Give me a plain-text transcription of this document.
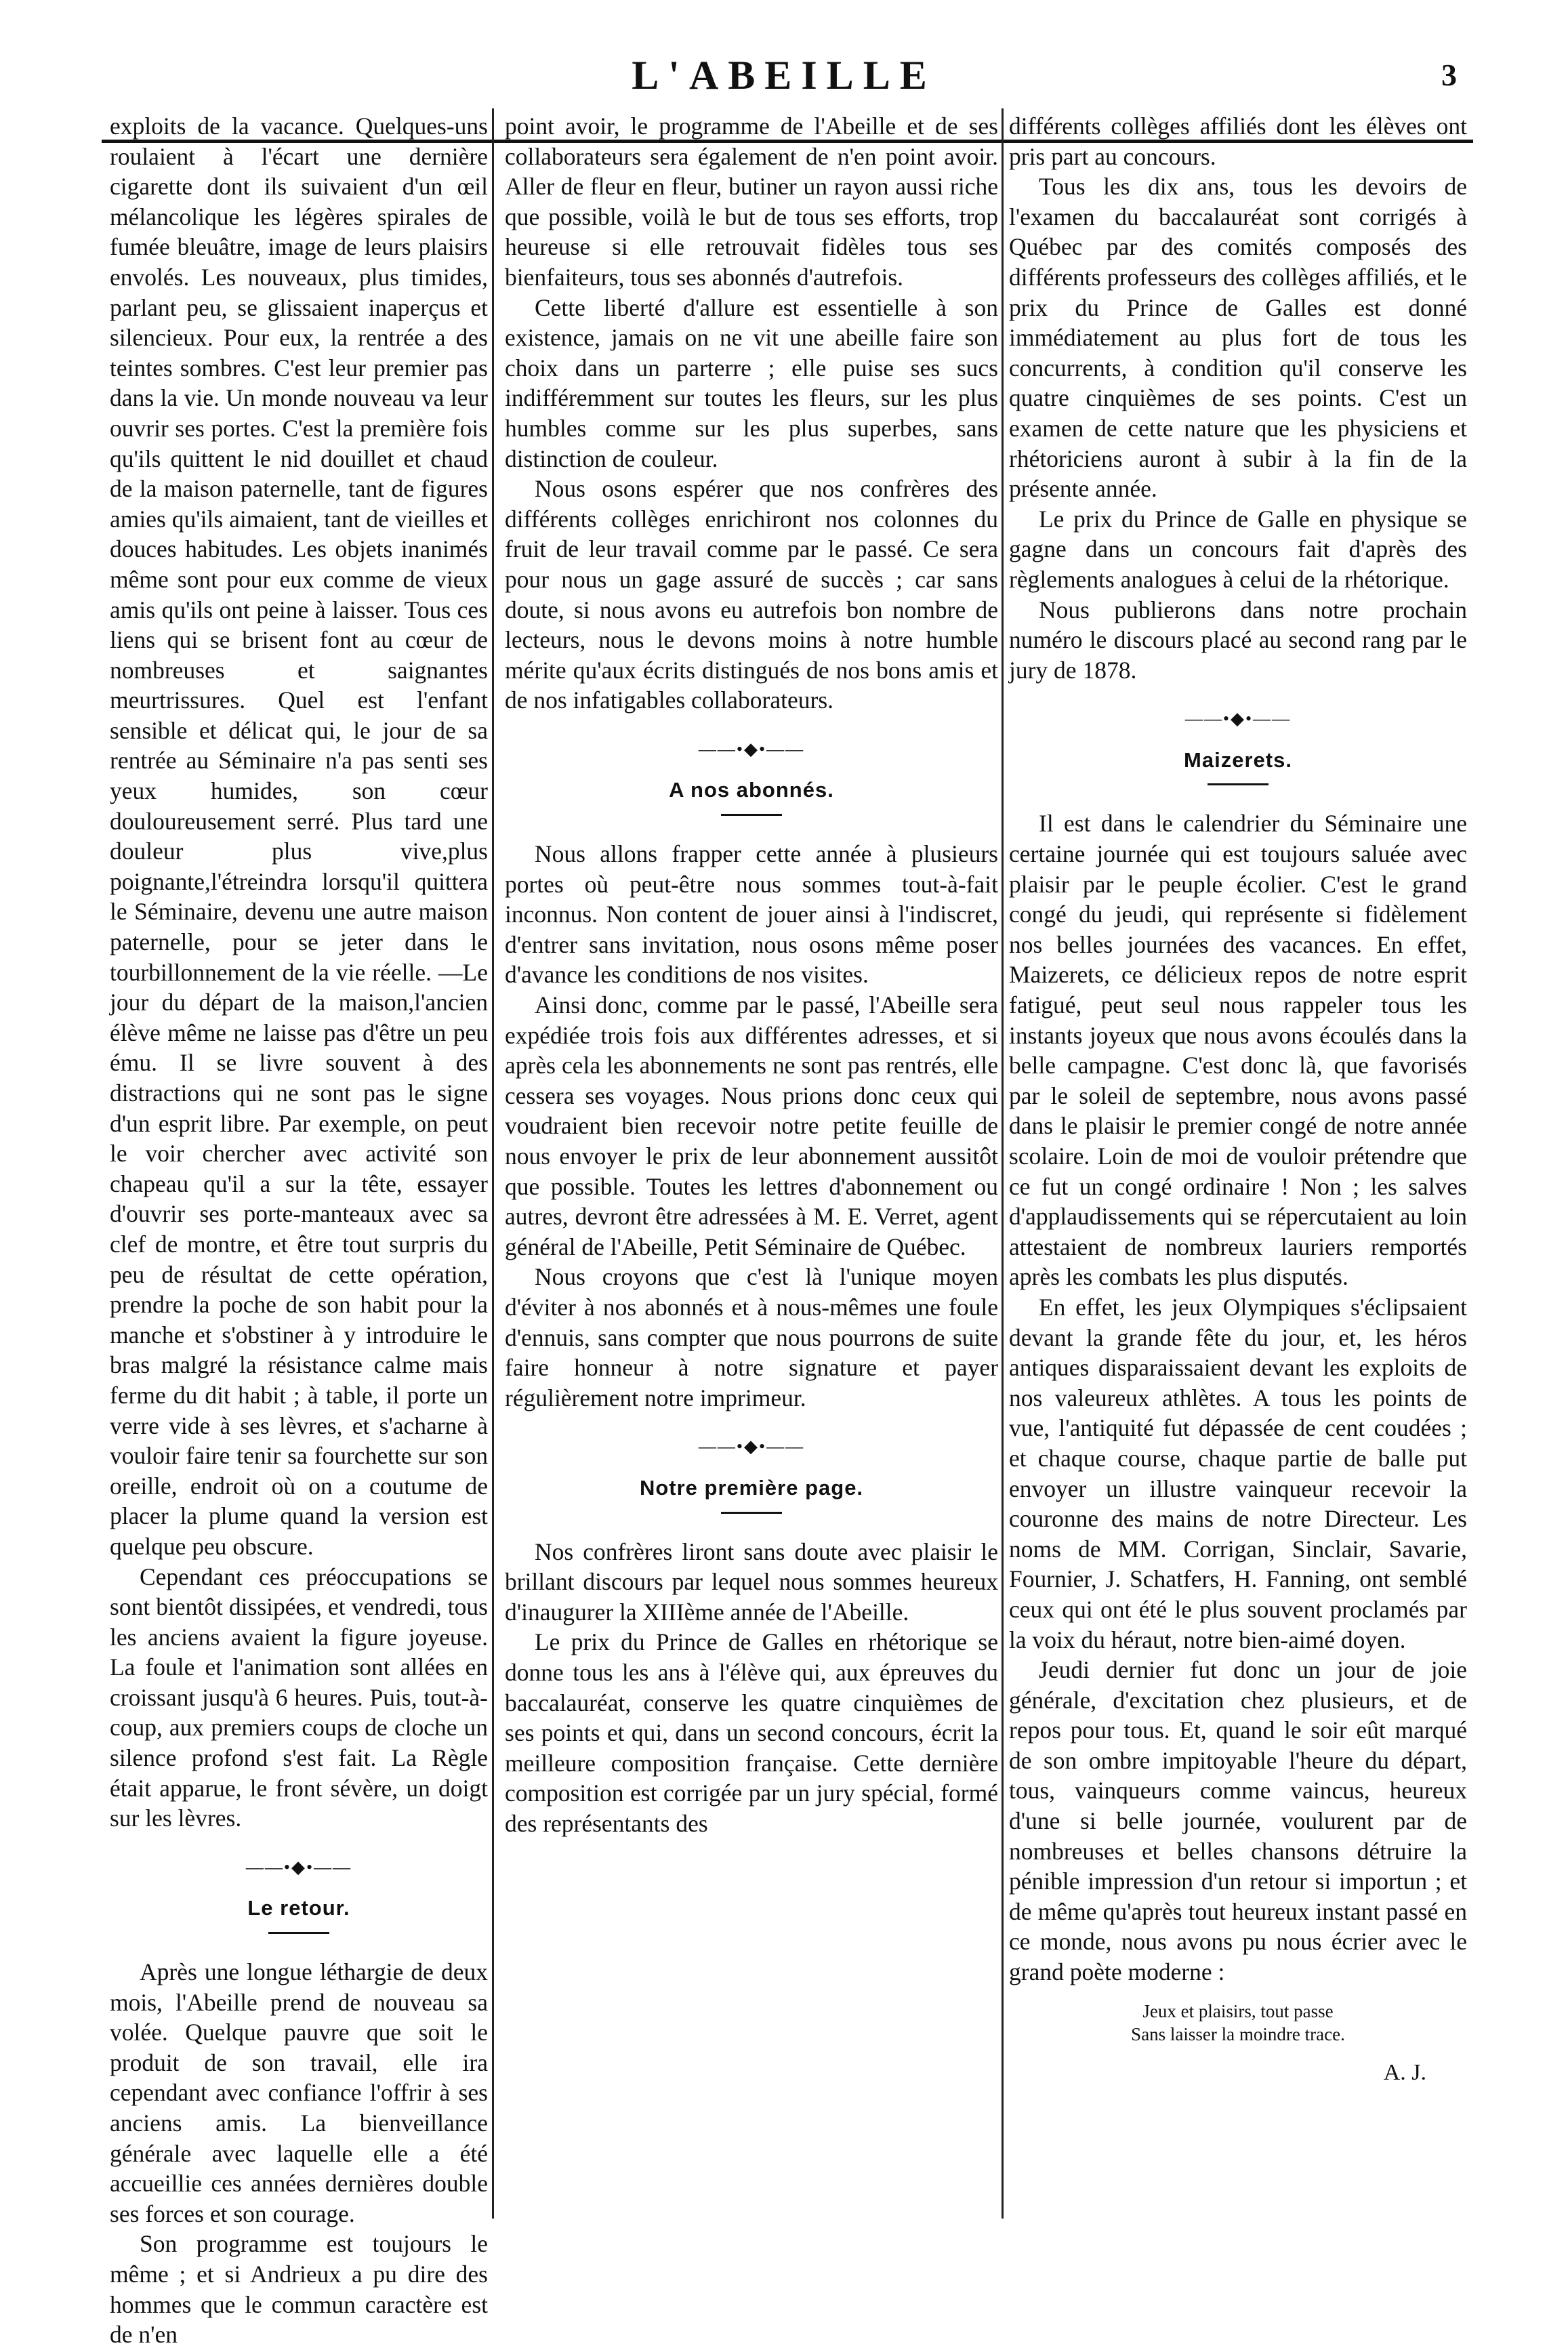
L'ABEILLE	3

exploits de la vacance. Quelques-uns roulaient à l'écart une dernière cigarette dont ils suivaient d'un œil mélancolique les légères spirales de fumée bleuâtre, image de leurs plaisirs envolés. Les nouveaux, plus timides, parlant peu, se glissaient inaperçus et silencieux. Pour eux, la rentrée a des teintes sombres. C'est leur premier pas dans la vie. Un monde nouveau va leur ouvrir ses portes. C'est la première fois qu'ils quittent le nid douillet et chaud de la maison paternelle, tant de figures amies qu'ils aimaient, tant de vieilles et douces habitudes. Les objets inanimés même sont pour eux comme de vieux amis qu'ils ont peine à laisser. Tous ces liens qui se brisent font au cœur de nombreuses et saignantes meurtrissures. Quel est l'enfant sensible et délicat qui, le jour de sa rentrée au Séminaire n'a pas senti ses yeux humides, son cœur douloureusement serré. Plus tard une douleur plus vive,plus poignante,l'étreindra lorsqu'il quittera le Séminaire, devenu une autre maison paternelle, pour se jeter dans le tourbillonnement de la vie réelle. —Le jour du départ de la maison,l'ancien élève même ne laisse pas d'être un peu ému. Il se livre souvent à des distractions qui ne sont pas le signe d'un esprit libre. Par exemple, on peut le voir chercher avec activité son chapeau qu'il a sur la tête, essayer d'ouvrir ses porte-manteaux avec sa clef de montre, et être tout surpris du peu de résultat de cette opération, prendre la poche de son habit pour la manche et s'obstiner à y introduire le bras malgré la résistance calme mais ferme du dit habit ; à table, il porte un verre vide à ses lèvres, et s'acharne à vouloir faire tenir sa fourchette sur son oreille, endroit où on a coutume de placer la plume quand la version est quelque peu obscure.

Cependant ces préoccupations se sont bientôt dissipées, et vendredi, tous les anciens avaient la figure joyeuse. La foule et l'animation sont allées en croissant jusqu'à 6 heures. Puis, tout-à-coup, aux premiers coups de cloche un silence profond s'est fait. La Règle était apparue, le front sévère, un doigt sur les lèvres.

——•◆•——
Le retour.

Après une longue léthargie de deux mois, l'Abeille prend de nouveau sa volée. Quelque pauvre que soit le produit de son travail, elle ira cependant avec confiance l'offrir à ses anciens amis. La bienveillance générale avec laquelle elle a été accueillie ces années dernières double ses forces et son courage.

Son programme est toujours le même ; et si Andrieux a pu dire des hommes que le commun caractère est de n'en

point avoir, le programme de l'Abeille et de ses collaborateurs sera également de n'en point avoir. Aller de fleur en fleur, butiner un rayon aussi riche que possible, voilà le but de tous ses efforts, trop heureuse si elle retrouvait fidèles tous ses bienfaiteurs, tous ses abonnés d'autrefois.

Cette liberté d'allure est essentielle à son existence, jamais on ne vit une abeille faire son choix dans un parterre ; elle puise ses sucs indifféremment sur toutes les fleurs, sur les plus humbles comme sur les plus superbes, sans distinction de couleur.

Nous osons espérer que nos confrères des différents collèges enrichiront nos colonnes du fruit de leur travail comme par le passé. Ce sera pour nous un gage assuré de succès ; car sans doute, si nous avons eu autrefois bon nombre de lecteurs, nous le devons moins à notre humble mérite qu'aux écrits distingués de nos bons amis et de nos infatigables collaborateurs.

——•◆•——
A nos abonnés.

Nous allons frapper cette année à plusieurs portes où peut-être nous sommes tout-à-fait inconnus. Non content de jouer ainsi à l'indiscret, d'entrer sans invitation, nous osons même poser d'avance les conditions de nos visites.

Ainsi donc, comme par le passé, l'Abeille sera expédiée trois fois aux différentes adresses, et si après cela les abonnements ne sont pas rentrés, elle cessera ses voyages. Nous prions donc ceux qui voudraient bien recevoir notre petite feuille de nous envoyer le prix de leur abonnement aussitôt que possible. Toutes les lettres d'abonnement ou autres, devront être adressées à M. E. Verret, agent général de l'Abeille, Petit Séminaire de Québec.

Nous croyons que c'est là l'unique moyen d'éviter à nos abonnés et à nous-mêmes une foule d'ennuis, sans compter que nous pourrons de suite faire honneur à notre signature et payer régulièrement notre imprimeur.

——•◆•——
Notre première page.

Nos confrères liront sans doute avec plaisir le brillant discours par lequel nous sommes heureux d'inaugurer la XIIIème année de l'Abeille.

Le prix du Prince de Galles en rhétorique se donne tous les ans à l'élève qui, aux épreuves du baccalauréat, conserve les quatre cinquièmes de ses points et qui, dans un second concours, écrit la meilleure composition française. Cette dernière composition est corrigée par un jury spécial, formé des représentants des

différents collèges affiliés dont les élèves ont pris part au concours.

Tous les dix ans, tous les devoirs de l'examen du baccalauréat sont corrigés à Québec par des comités composés des différents professeurs des collèges affiliés, et le prix du Prince de Galles est donné immédiatement au plus fort de tous les concurrents, à condition qu'il conserve les quatre cinquièmes de ses points. C'est un examen de cette nature que les physiciens et rhétoriciens auront à subir à la fin de la présente année.

Le prix du Prince de Galle en physique se gagne dans un concours fait d'après des règlements analogues à celui de la rhétorique.

Nous publierons dans notre prochain numéro le discours placé au second rang par le jury de 1878.

——•◆•——
Maizerets.

Il est dans le calendrier du Séminaire une certaine journée qui est toujours saluée avec plaisir par le peuple écolier. C'est le grand congé du jeudi, qui représente si fidèlement nos belles journées des vacances. En effet, Maizerets, ce délicieux repos de notre esprit fatigué, peut seul nous rappeler tous les instants joyeux que nous avons écoulés dans la belle campagne. C'est donc là, que favorisés par le soleil de septembre, nous avons passé dans le plaisir le premier congé de notre année scolaire. Loin de moi de vouloir prétendre que ce fut un congé ordinaire ! Non ; les salves d'applaudissements qui se répercutaient au loin attestaient de nombreux lauriers remportés après les combats les plus disputés.

En effet, les jeux Olympiques s'éclipsaient devant la grande fête du jour, et, les héros antiques disparaissaient devant les exploits de nos valeureux athlètes. A tous les points de vue, l'antiquité fut dépassée de cent coudées ; et chaque course, chaque partie de balle put envoyer un illustre vainqueur recevoir la couronne des mains de notre Directeur. Les noms de MM. Corrigan, Sinclair, Savarie, Fournier, J. Schatfers, H. Fanning, ont semblé ceux qui ont été le plus souvent proclamés par la voix du héraut, notre bien-aimé doyen.

Jeudi dernier fut donc un jour de joie générale, d'excitation chez plusieurs, et de repos pour tous. Et, quand le soir eût marqué de son ombre impitoyable l'heure du départ, tous, vainqueurs comme vaincus, heureux d'une si belle journée, voulurent par de nombreuses et belles chansons détruire la pénible impression d'un retour si importun ; et de même qu'après tout heureux instant passé en ce monde, nous avons pu nous écrier avec le grand poète moderne :

Jeux et plaisirs, tout passe
Sans laisser la moindre trace.
A. J.
